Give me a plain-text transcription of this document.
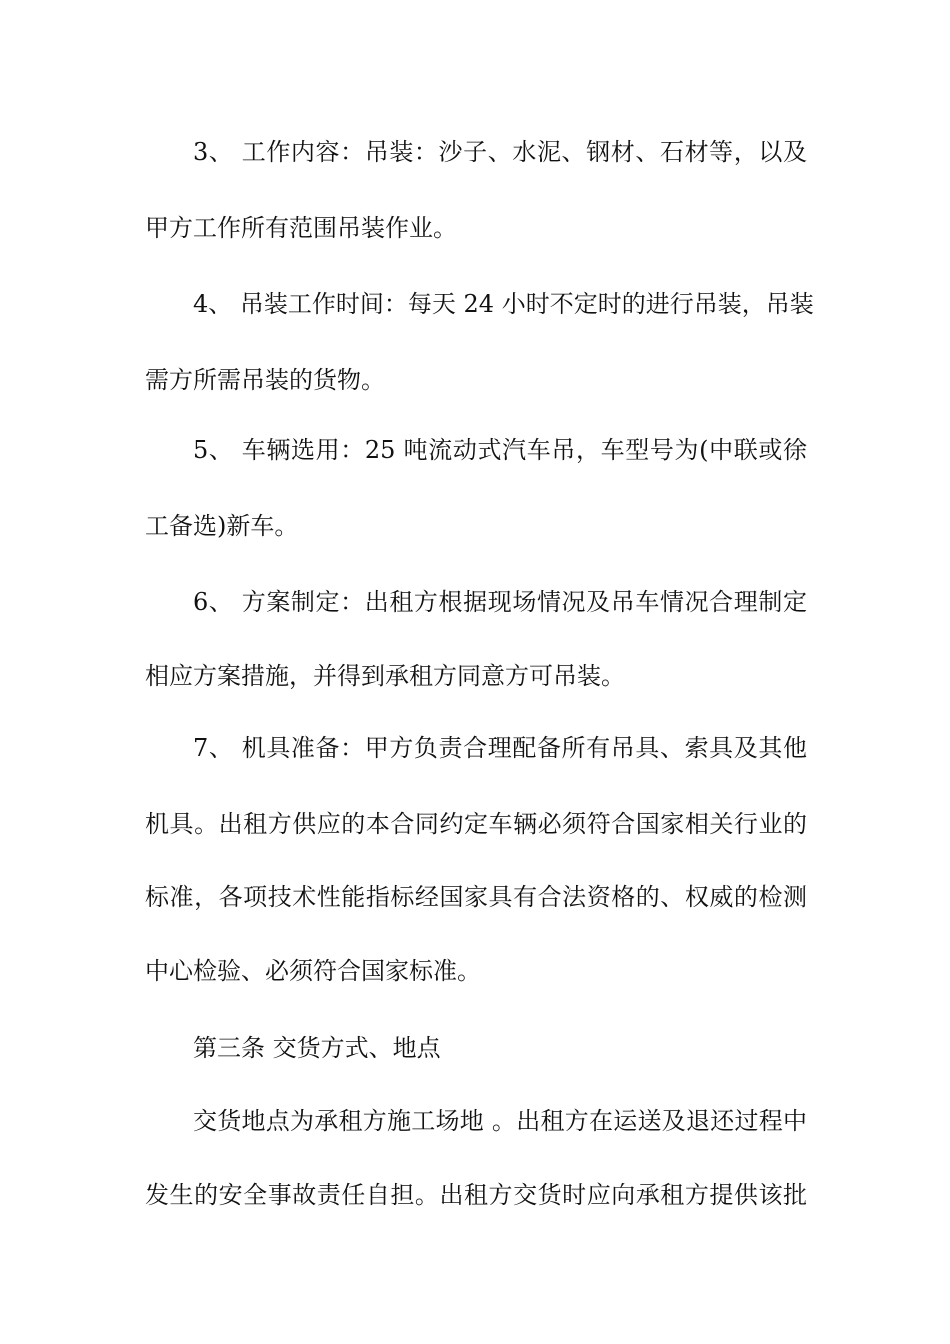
3、 工作内容：吊装：沙子、水泥、钢材、石材等，以及
甲方工作所有范围吊装作业。
4、 吊装工作时间：每天 24 小时不定时的进行吊装，吊装
需方所需吊装的货物。
5、 车辆选用：25 吨流动式汽车吊，车型号为(中联或徐
工备选)新车。
6、 方案制定：出租方根据现场情况及吊车情况合理制定
相应方案措施，并得到承租方同意方可吊装。
7、 机具准备：甲方负责合理配备所有吊具、索具及其他
机具。出租方供应的本合同约定车辆必须符合国家相关行业的
标准，各项技术性能指标经国家具有合法资格的、权威的检测
中心检验、必须符合国家标准。
第三条 交货方式、地点
交货地点为承租方施工场地 。出租方在运送及退还过程中
发生的安全事故责任自担。出租方交货时应向承租方提供该批
